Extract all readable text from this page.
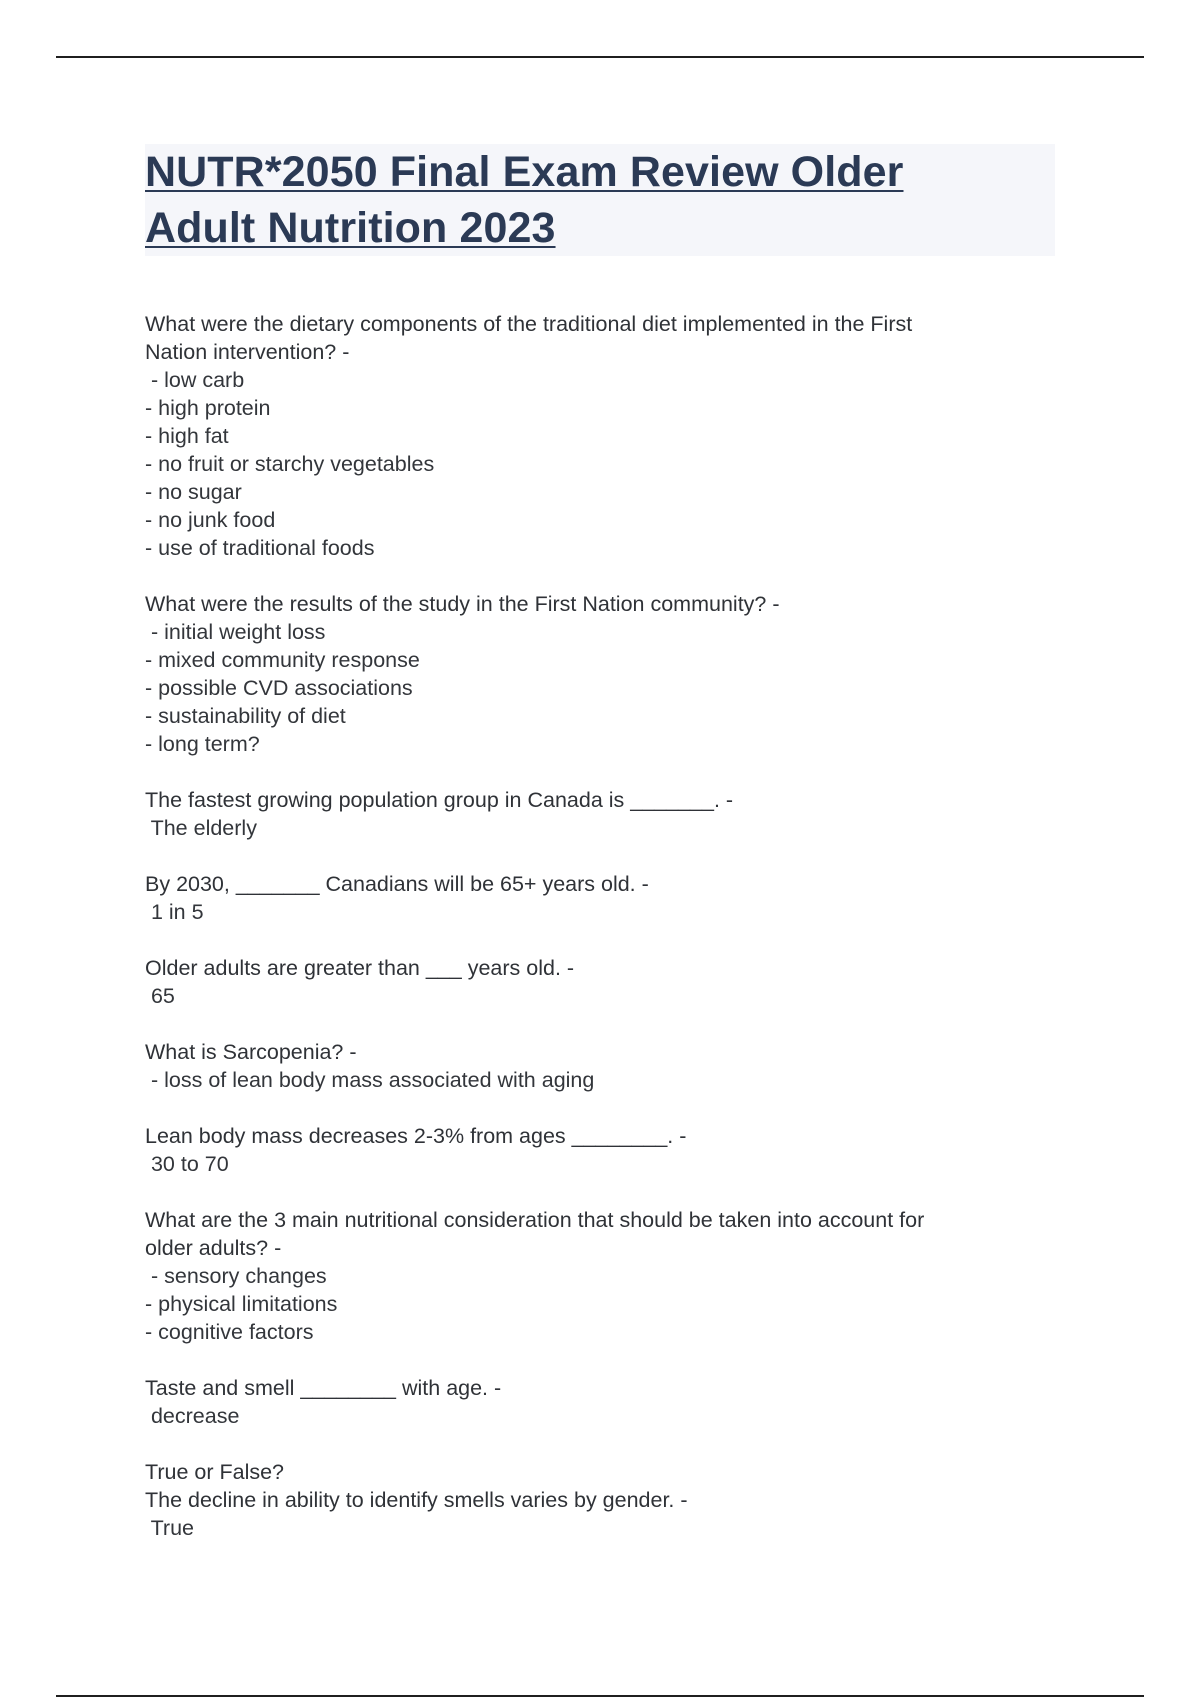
NUTR*2050 Final Exam Review Older
Adult Nutrition 2023
What were the dietary components of the traditional diet implemented in the First
Nation intervention? -
- low carb
- high protein
- high fat
- no fruit or starchy vegetables
- no sugar
- no junk food
- use of traditional foods
What were the results of the study in the First Nation community? -
- initial weight loss
- mixed community response
- possible CVD associations
- sustainability of diet
- long term?
The fastest growing population group in Canada is _______. -
The elderly
By 2030, _______ Canadians will be 65+ years old. -
1 in 5
Older adults are greater than ___ years old. -
65
What is Sarcopenia? -
- loss of lean body mass associated with aging
Lean body mass decreases 2-3% from ages ________. -
30 to 70
What are the 3 main nutritional consideration that should be taken into account for
older adults? -
- sensory changes
- physical limitations
- cognitive factors
Taste and smell ________ with age. -
decrease
True or False?
The decline in ability to identify smells varies by gender. -
True
